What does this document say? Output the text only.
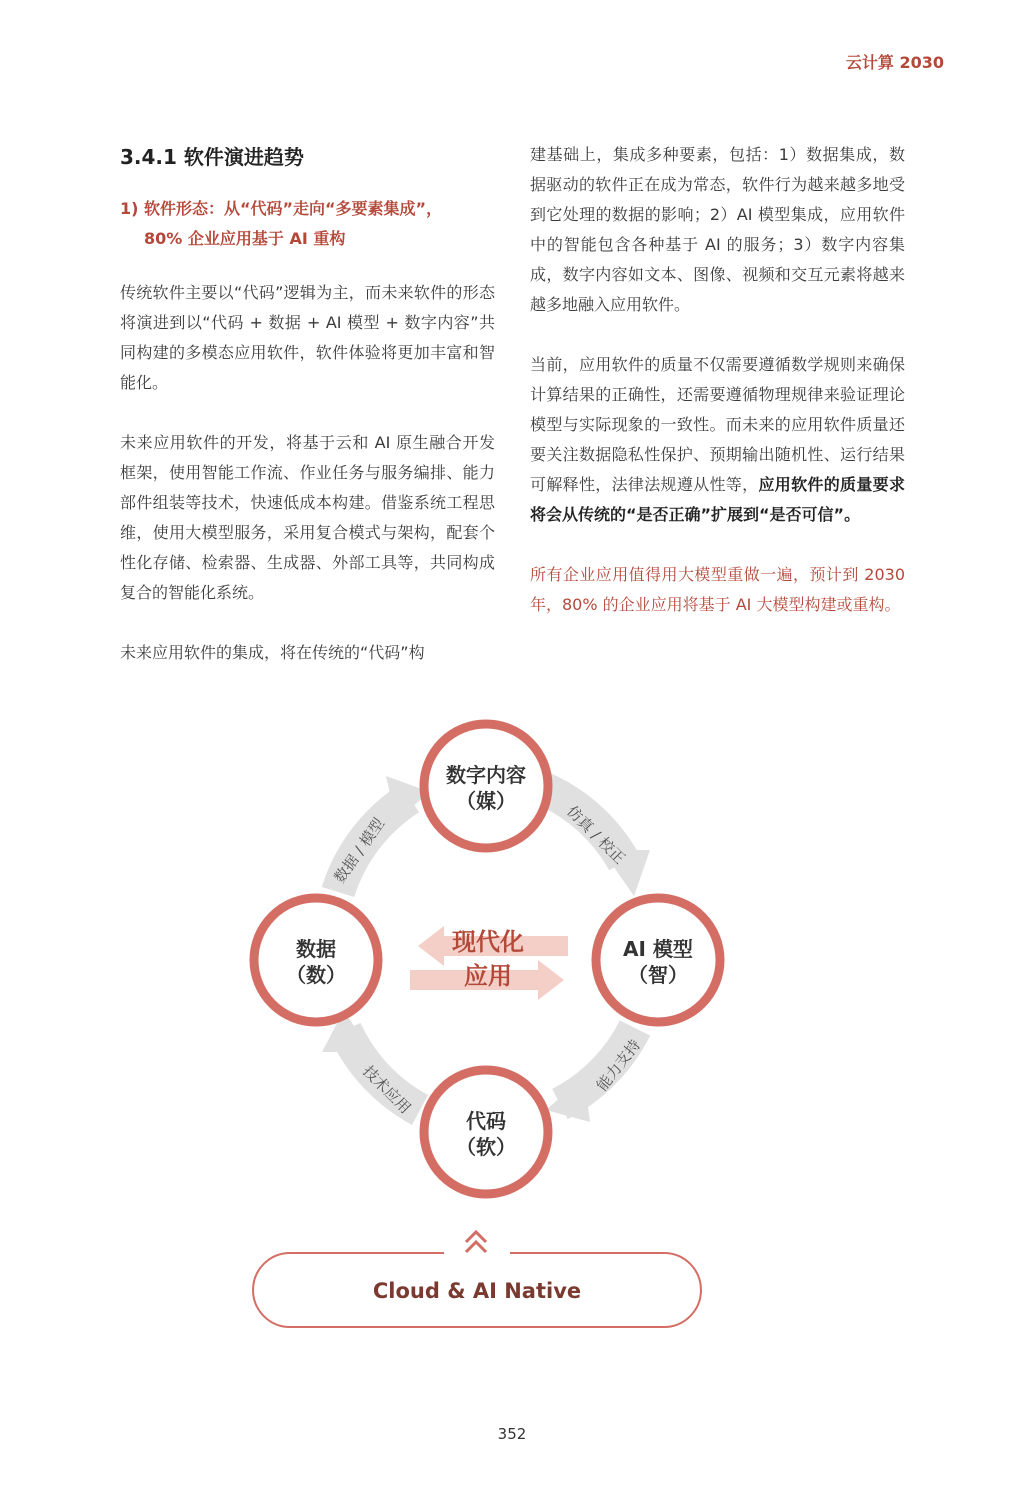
云计算 2030
3.4.1 软件演进趋势
1) 软件形态：从“代码”走向“多要素集成”，
80% 企业应用基于 AI 重构

传统软件主要以“代码”逻辑为主，而未来软件的形态将演进到以“代码 + 数据 + AI 模型 + 数字内容”共同构建的多模态应用软件，软件体验将更加丰富和智能化。

未来应用软件的开发，将基于云和 AI 原生融合开发框架，使用智能工作流、作业任务与服务编排、能力部件组装等技术，快速低成本构建。借鉴系统工程思维，使用大模型服务，采用复合模式与架构，配套个性化存储、检索器、生成器、外部工具等，共同构成复合的智能化系统。

未来应用软件的集成，将在传统的“代码”构

建基础上，集成多种要素，包括：1）数据集成，数据驱动的软件正在成为常态，软件行为越来越多地受到它处理的数据的影响；2）AI 模型集成，应用软件中的智能包含各种基于 AI 的服务；3）数字内容集成，数字内容如文本、图像、视频和交互元素将越来越多地融入应用软件。

当前，应用软件的质量不仅需要遵循数学规则来确保计算结果的正确性，还需要遵循物理规律来验证理论模型与实际现象的一致性。而未来的应用软件质量还要关注数据隐私性保护、预期输出随机性、运行结果可解释性，法律法规遵从性等，应用软件的质量要求将会从传统的“是否正确”扩展到“是否可信”。

所有企业应用值得用大模型重做一遍，预计到 2030 年，80% 的企业应用将基于 AI 大模型构建或重构。

仿真 / 校正
能力支持
技术应用
数据 / 模型
数字内容
（媒）
数据
（数）
AI 模型
（智）
代码
（软）
现代化
应用
Cloud & AI Native
352
